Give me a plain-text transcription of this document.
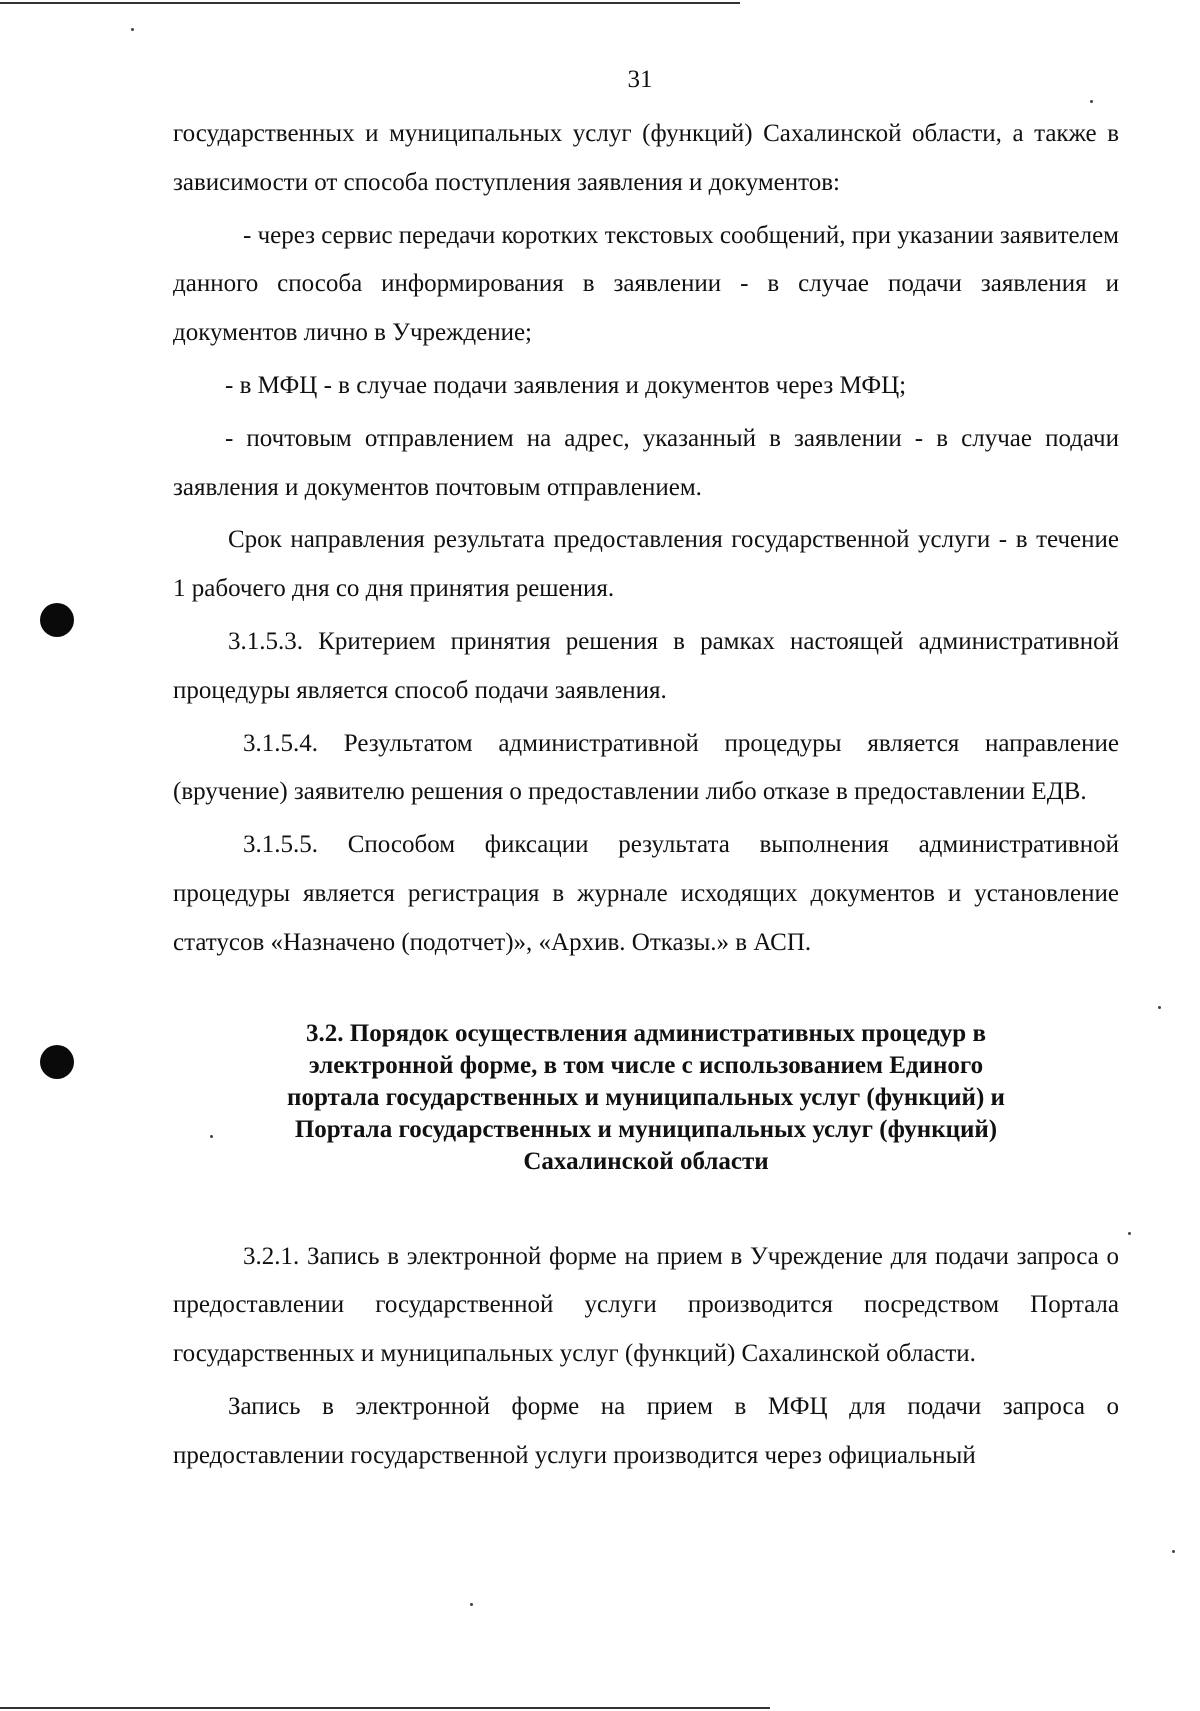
31

государственных и муниципальных услуг (функций) Сахалинской области, а также в зависимости от способа поступления заявления и документов:

- через сервис передачи коротких текстовых сообщений, при указании заявителем данного способа информирования в заявлении - в случае подачи заявления и документов лично в Учреждение;

- в МФЦ - в случае подачи заявления и документов через МФЦ;

- почтовым отправлением на адрес, указанный в заявлении - в случае подачи заявления и документов почтовым отправлением.

Срок направления результата предоставления государственной услуги - в течение 1 рабочего дня со дня принятия решения.

3.1.5.3. Критерием принятия решения в рамках настоящей административной процедуры является способ подачи заявления.

3.1.5.4. Результатом административной процедуры является направление (вручение) заявителю решения о предоставлении либо отказе в предоставлении ЕДВ.

3.1.5.5. Способом фиксации результата выполнения административной процедуры является регистрация в журнале исходящих документов и установление статусов «Назначено (подотчет)», «Архив. Отказы.» в АСП.

3.2. Порядок осуществления административных процедур в
электронной форме, в том числе с использованием Единого
портала государственных и муниципальных услуг (функций) и
Портала государственных и муниципальных услуг (функций)
Сахалинской области

3.2.1. Запись в электронной форме на прием в Учреждение для подачи запроса о предоставлении государственной услуги производится посредством Портала государственных и муниципальных услуг (функций) Сахалинской области.

Запись в электронной форме на прием в МФЦ для подачи запроса о предоставлении государственной услуги производится через официальный
